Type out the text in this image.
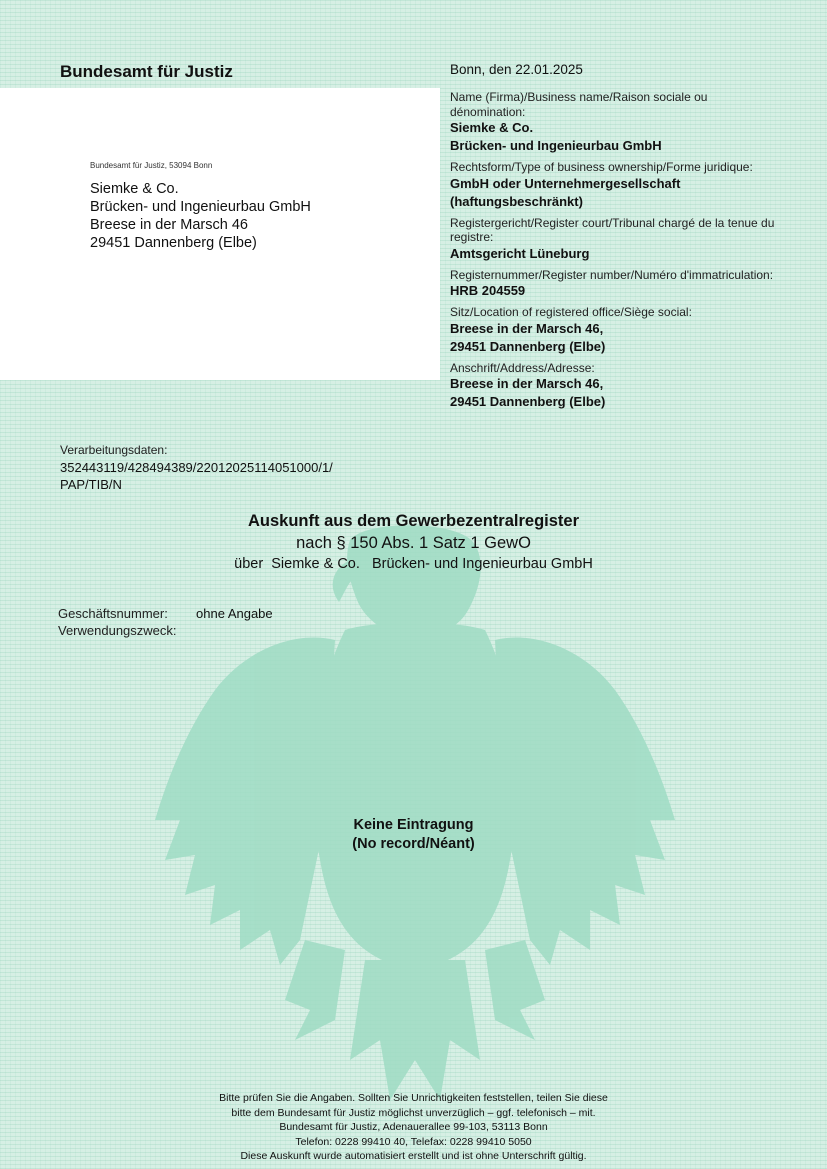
Bundesamt für Justiz
Bundesamt für Justiz, 53094 Bonn
Siemke & Co.
Brücken- und Ingenieurbau GmbH
Breese in der Marsch 46
29451 Dannenberg (Elbe)
Bonn, den 22.01.2025
Name (Firma)/Business name/Raison sociale ou dénomination:
Siemke & Co.
Brücken- und Ingenieurbau GmbH
Rechtsform/Type of business ownership/Forme juridique:
GmbH oder Unternehmergesellschaft
(haftungsbeschränkt)
Registergericht/Register court/Tribunal chargé de la tenue du registre:
Amtsgericht Lüneburg
Registernummer/Register number/Numéro d'immatriculation:
HRB 204559
Sitz/Location of registered office/Siège social:
Breese in der Marsch 46,
29451 Dannenberg (Elbe)
Anschrift/Address/Adresse:
Breese in der Marsch 46,
29451 Dannenberg (Elbe)
Verarbeitungsdaten:
352443119/428494389/22012025114051000/1/
PAP/TIB/N
Auskunft aus dem Gewerbezentralregister
nach § 150 Abs. 1 Satz 1 GewO
über  Siemke & Co.   Brücken- und Ingenieurbau GmbH
Geschäftsnummer:	ohne Angabe
Verwendungszweck:
Keine Eintragung
(No record/Néant)
Bitte prüfen Sie die Angaben. Sollten Sie Unrichtigkeiten feststellen, teilen Sie diese
bitte dem Bundesamt für Justiz möglichst unverzüglich – ggf. telefonisch – mit.
Bundesamt für Justiz, Adenauerallee 99-103, 53113 Bonn
Telefon: 0228 99410 40, Telefax: 0228 99410 5050
Diese Auskunft wurde automatisiert erstellt und ist ohne Unterschrift gültig.
